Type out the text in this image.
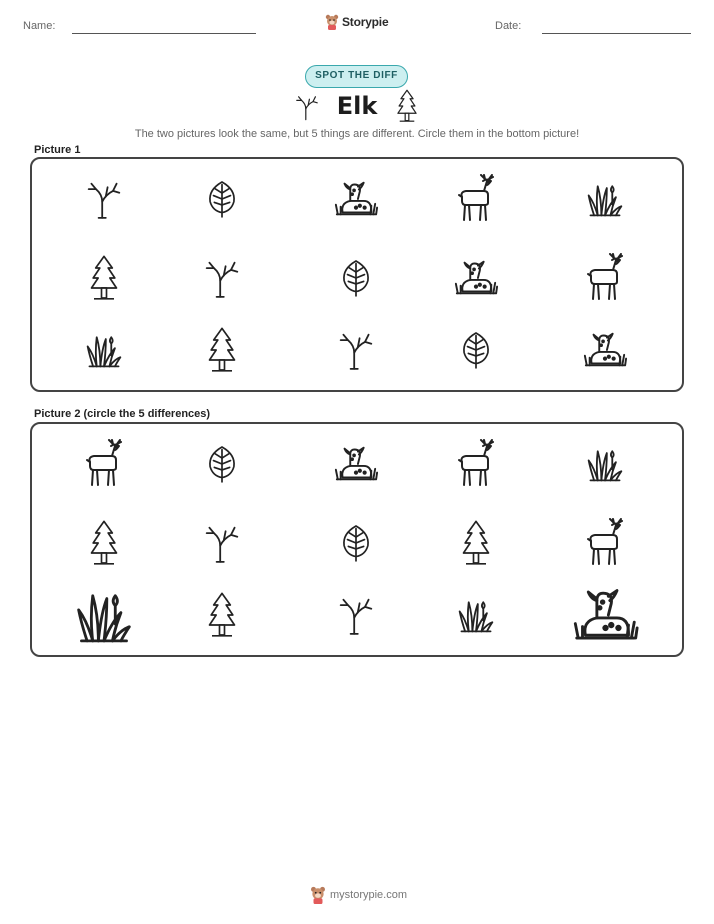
Name:	Storypie	Date:
SPOT THE DIFF
Elk
The two pictures look the same, but 5 things are different. Circle them in the bottom picture!
Picture 1
Picture 2 (circle the 5 differences)
mystorypie.com
